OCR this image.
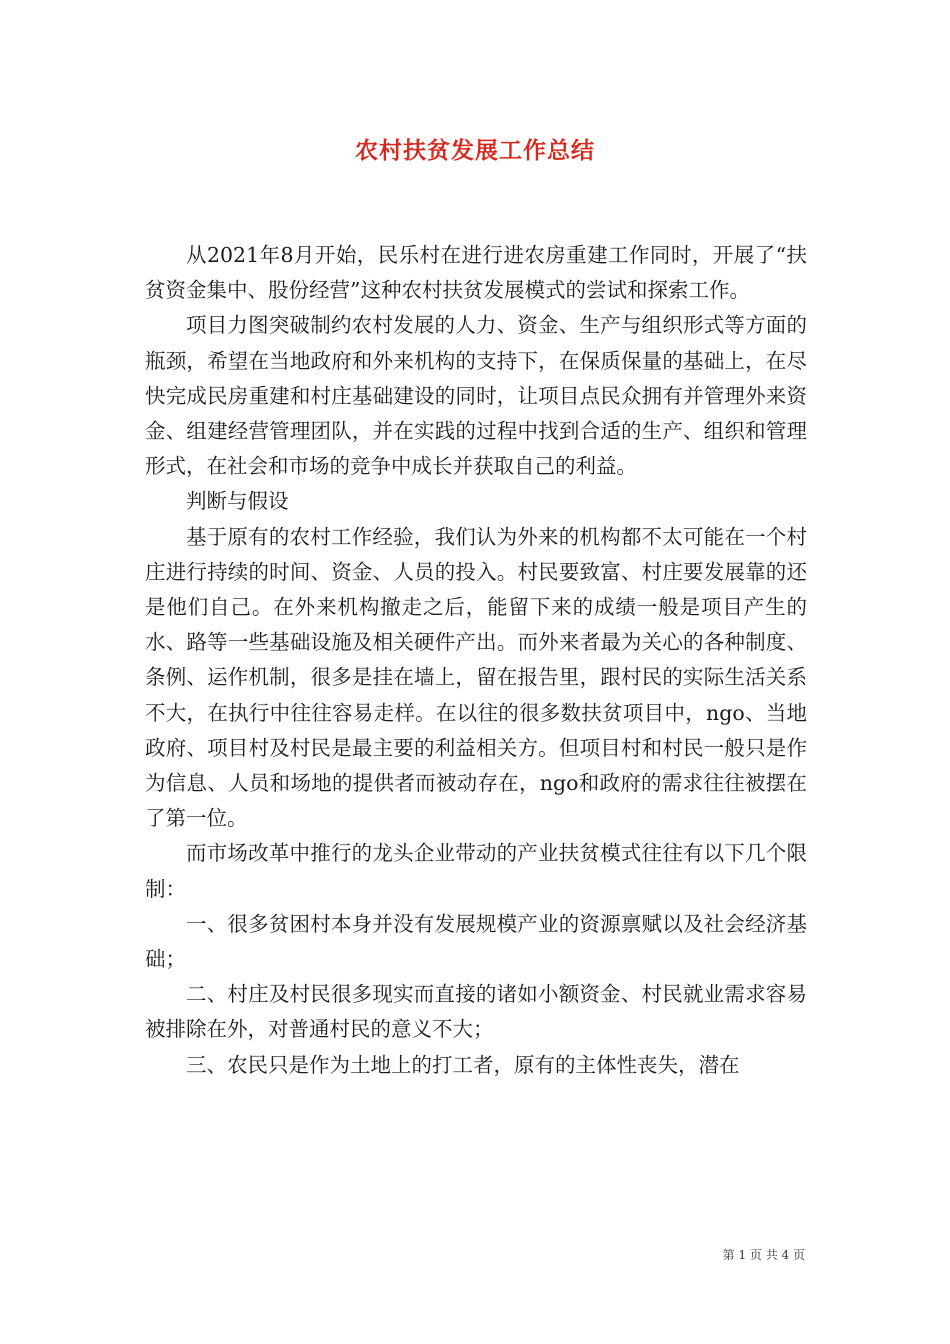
农村扶贫发展工作总结

从2021年8月开始，民乐村在进行进农房重建工作同时，开展了“扶贫资金集中、股份经营”这种农村扶贫发展模式的尝试和探索工作。

项目力图突破制约农村发展的人力、资金、生产与组织形式等方面的瓶颈，希望在当地政府和外来机构的支持下，在保质保量的基础上，在尽快完成民房重建和村庄基础建设的同时，让项目点民众拥有并管理外来资金、组建经营管理团队，并在实践的过程中找到合适的生产、组织和管理形式，在社会和市场的竞争中成长并获取自己的利益。

判断与假设

基于原有的农村工作经验，我们认为外来的机构都不太可能在一个村庄进行持续的时间、资金、人员的投入。村民要致富、村庄要发展靠的还是他们自己。在外来机构撤走之后，能留下来的成绩一般是项目产生的水、路等一些基础设施及相关硬件产出。而外来者最为关心的各种制度、条例、运作机制，很多是挂在墙上，留在报告里，跟村民的实际生活关系不大，在执行中往往容易走样。在以往的很多数扶贫项目中，ngo、当地政府、项目村及村民是最主要的利益相关方。但项目村和村民一般只是作为信息、人员和场地的提供者而被动存在，ngo和政府的需求往往被摆在了第一位。

而市场改革中推行的龙头企业带动的产业扶贫模式往往有以下几个限制：

一、很多贫困村本身并没有发展规模产业的资源禀赋以及社会经济基础；

二、村庄及村民很多现实而直接的诸如小额资金、村民就业需求容易被排除在外，对普通村民的意义不大；

三、农民只是作为土地上的打工者，原有的主体性丧失，潜在

第 1 页 共 4 页
